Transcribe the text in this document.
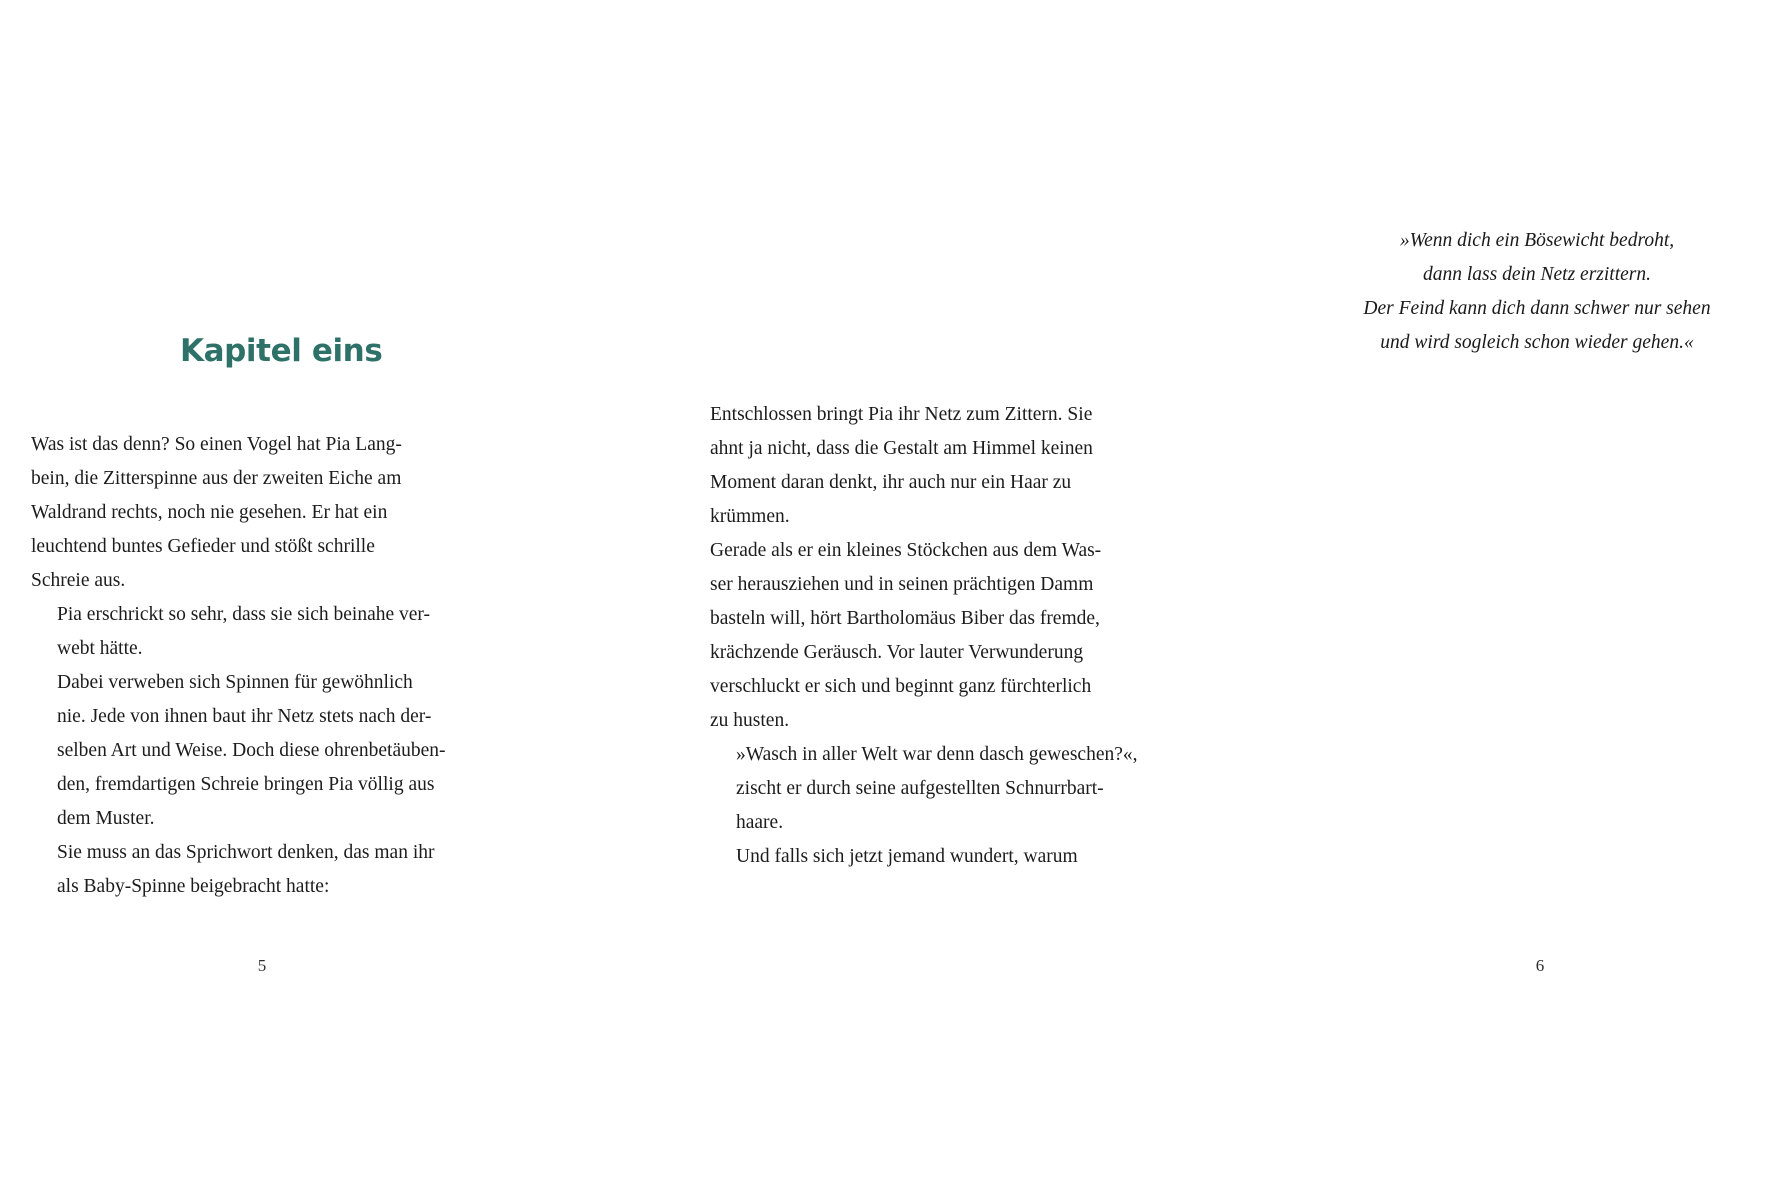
Kapitel eins

Was ist das denn? So einen Vogel hat Pia Lang-
bein, die Zitterspinne aus der zweiten Eiche am
Waldrand rechts, noch nie gesehen. Er hat ein
leuchtend buntes Gefieder und stößt schrille
Schreie aus.

Pia erschrickt so sehr, dass sie sich beinahe ver-
webt hätte.

Dabei verweben sich Spinnen für gewöhnlich
nie. Jede von ihnen baut ihr Netz stets nach der-
selben Art und Weise. Doch diese ohrenbetäuben-
den, fremdartigen Schreie bringen Pia völlig aus
dem Muster.

Sie muss an das Sprichwort denken, das man ihr
als Baby-Spinne beigebracht hatte:

5
»Wenn dich ein Bösewicht bedroht,
dann lass dein Netz erzittern.
Der Feind kann dich dann schwer nur sehen
und wird sogleich schon wieder gehen.«

Entschlossen bringt Pia ihr Netz zum Zittern. Sie
ahnt ja nicht, dass die Gestalt am Himmel keinen
Moment daran denkt, ihr auch nur ein Haar zu
krümmen.

Gerade als er ein kleines Stöckchen aus dem Was-
ser herausziehen und in seinen prächtigen Damm
basteln will, hört Bartholomäus Biber das fremde,
krächzende Geräusch. Vor lauter Verwunderung
verschluckt er sich und beginnt ganz fürchterlich
zu husten.

»Wasch in aller Welt war denn dasch geweschen?«,
zischt er durch seine aufgestellten Schnurrbart-
haare.

Und falls sich jetzt jemand wundert, warum

6
